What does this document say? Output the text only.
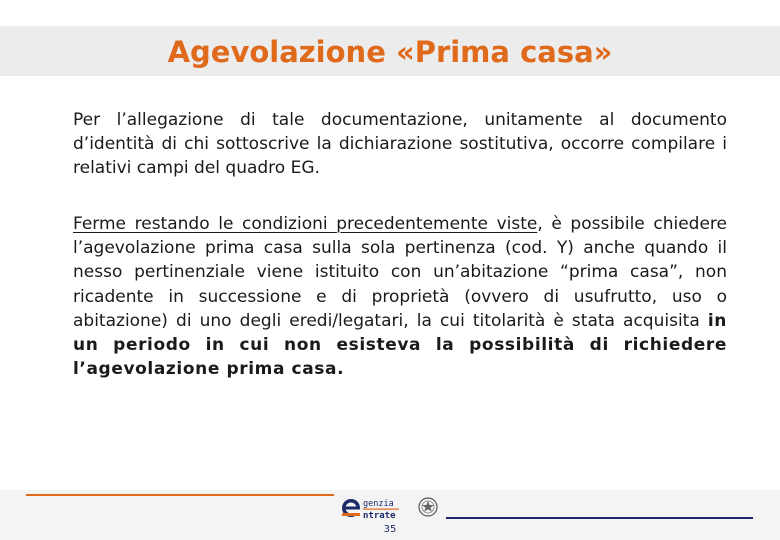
Agevolazione «Prima casa»
Per l’allegazione di tale documentazione, unitamente al documento d’identità di chi sottoscrive la dichiarazione sostitutiva, occorre compilare i relativi campi del quadro EG.
Ferme restando le condizioni precedentemente viste, è possibile chiedere l’agevolazione prima casa sulla sola pertinenza (cod. Y) anche quando il nesso pertinenziale viene istituito con un’abitazione “prima casa”, non ricadente in successione e di proprietà (ovvero di usufrutto, uso o abitazione) di uno degli eredi/legatari, la cui titolarità è stata acquisita in un periodo in cui non esisteva la possibilità di richiedere l’agevolazione prima casa.
genzia
ntrate
35
